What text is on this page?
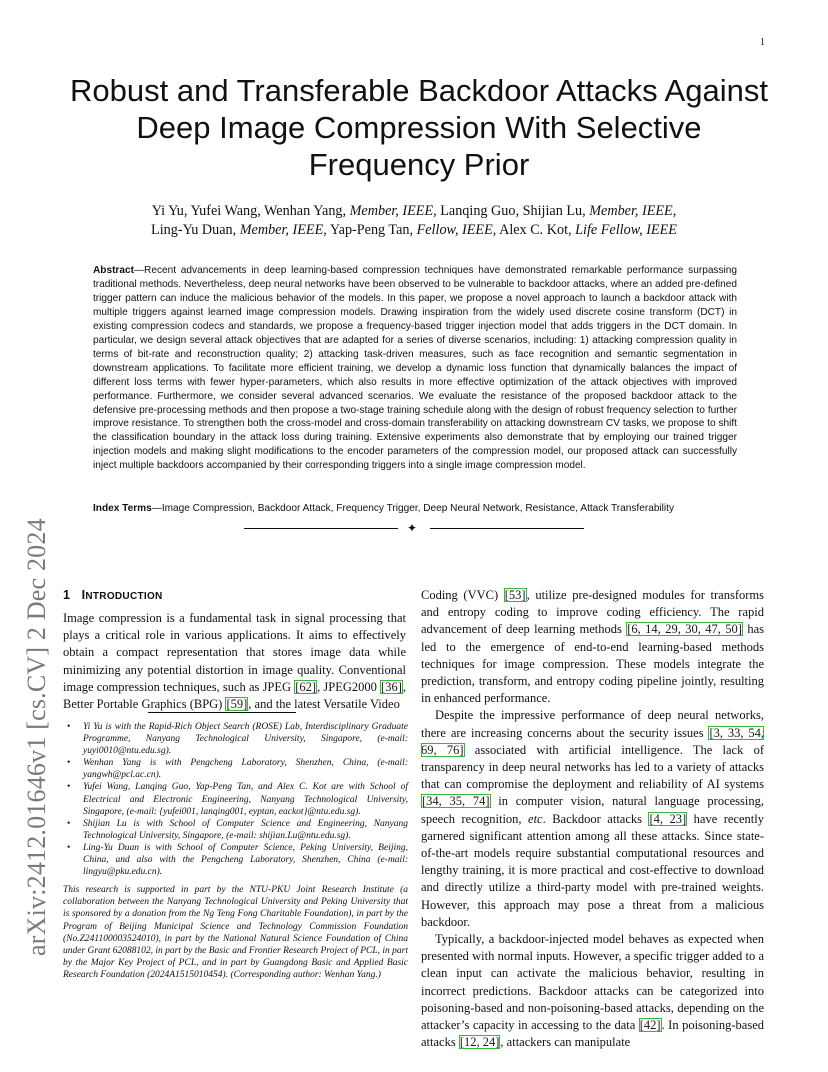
1
Robust and Transferable Backdoor Attacks Against Deep Image Compression With Selective Frequency Prior
Yi Yu, Yufei Wang, Wenhan Yang, Member, IEEE, Lanqing Guo, Shijian Lu, Member, IEEE,
Ling-Yu Duan, Member, IEEE, Yap-Peng Tan, Fellow, IEEE, Alex C. Kot, Life Fellow, IEEE
Abstract—Recent advancements in deep learning-based compression techniques have demonstrated remarkable performance surpassing traditional methods. Nevertheless, deep neural networks have been observed to be vulnerable to backdoor attacks, where an added pre-defined trigger pattern can induce the malicious behavior of the models. In this paper, we propose a novel approach to launch a backdoor attack with multiple triggers against learned image compression models. Drawing inspiration from the widely used discrete cosine transform (DCT) in existing compression codecs and standards, we propose a frequency-based trigger injection model that adds triggers in the DCT domain. In particular, we design several attack objectives that are adapted for a series of diverse scenarios, including: 1) attacking compression quality in terms of bit-rate and reconstruction quality; 2) attacking task-driven measures, such as face recognition and semantic segmentation in downstream applications. To facilitate more efficient training, we develop a dynamic loss function that dynamically balances the impact of different loss terms with fewer hyper-parameters, which also results in more effective optimization of the attack objectives with improved performance. Furthermore, we consider several advanced scenarios. We evaluate the resistance of the proposed backdoor attack to the defensive pre-processing methods and then propose a two-stage training schedule along with the design of robust frequency selection to further improve resistance. To strengthen both the cross-model and cross-domain transferability on attacking downstream CV tasks, we propose to shift the classification boundary in the attack loss during training. Extensive experiments also demonstrate that by employing our trained trigger injection models and making slight modifications to the encoder parameters of the compression model, our proposed attack can successfully inject multiple backdoors accompanied by their corresponding triggers into a single image compression model.
Index Terms—Image Compression, Backdoor Attack, Frequency Trigger, Deep Neural Network, Resistance, Attack Transferability
✦
arXiv:2412.01646v1 [cs.CV] 2 Dec 2024 1 INTRODUCTION

Image compression is a fundamental task in signal processing that plays a critical role in various applications. It aims to effectively obtain a compact representation that stores image data while minimizing any potential distortion in image quality. Conventional image compression techniques, such as JPEG [62], JPEG2000 [36], Better Portable Graphics (BPG) [59], and the latest Versatile Video

• Yi Yu is with the Rapid-Rich Object Search (ROSE) Lab, Interdisciplinary Graduate Programme, Nanyang Technological University, Singapore, (e-mail: yuyi0010@ntu.edu.sg).
• Wenhan Yang is with Pengcheng Laboratory, Shenzhen, China, (e-mail: yangwh@pcl.ac.cn).
• Yufei Wang, Lanqing Guo, Yap-Peng Tan, and Alex C. Kot are with School of Electrical and Electronic Engineering, Nanyang Technological University, Singapore, (e-mail: {yufei001, lanqing001, eyptan, eackot}@ntu.edu.sg).
• Shijian Lu is with School of Computer Science and Engineering, Nanyang Technological University, Singapore, (e-mail: shijian.Lu@ntu.edu.sg).
• Ling-Yu Duan is with School of Computer Science, Peking University, Beijing, China, and also with the Pengcheng Laboratory, Shenzhen, China (e-mail: lingyu@pku.edu.cn).
This research is supported in part by the NTU-PKU Joint Research Institute (a collaboration between the Nanyang Technological University and Peking University that is sponsored by a donation from the Ng Teng Fong Charitable Foundation), in part by the Program of Beijing Municipal Science and Technology Commission Foundation (No.Z241100003524010), in part by the National Natural Science Foundation of China under Grant 62088102, in part by the Basic and Frontier Research Project of PCL, in part by the Major Key Project of PCL, and in part by Guangdong Basic and Applied Basic Research Foundation (2024A1515010454). (Corresponding author: Wenhan Yang.)

Coding (VVC) [53], utilize pre-designed modules for transforms and entropy coding to improve coding efficiency. The rapid advancement of deep learning methods [6, 14, 29, 30, 47, 50] has led to the emergence of end-to-end learning-based methods techniques for image compression. These models integrate the prediction, transform, and entropy coding pipeline jointly, resulting in enhanced performance.

Despite the impressive performance of deep neural networks, there are increasing concerns about the security issues [3, 33, 54, 69, 76] associated with artificial intelligence. The lack of transparency in deep neural networks has led to a variety of attacks that can compromise the deployment and reliability of AI systems [34, 35, 74] in computer vision, natural language processing, speech recognition, etc. Backdoor attacks [4, 23] have recently garnered significant attention among all these attacks. Since state-of-the-art models require substantial computational resources and lengthy training, it is more practical and cost-effective to download and directly utilize a third-party model with pre-trained weights. However, this approach may pose a threat from a malicious backdoor.

Typically, a backdoor-injected model behaves as expected when presented with normal inputs. However, a specific trigger added to a clean input can activate the malicious behavior, resulting in incorrect predictions. Backdoor attacks can be categorized into poisoning-based and non-poisoning-based attacks, depending on the attacker’s capacity in accessing to the data [42]. In poisoning-based attacks [12, 24], attackers can manipulate
